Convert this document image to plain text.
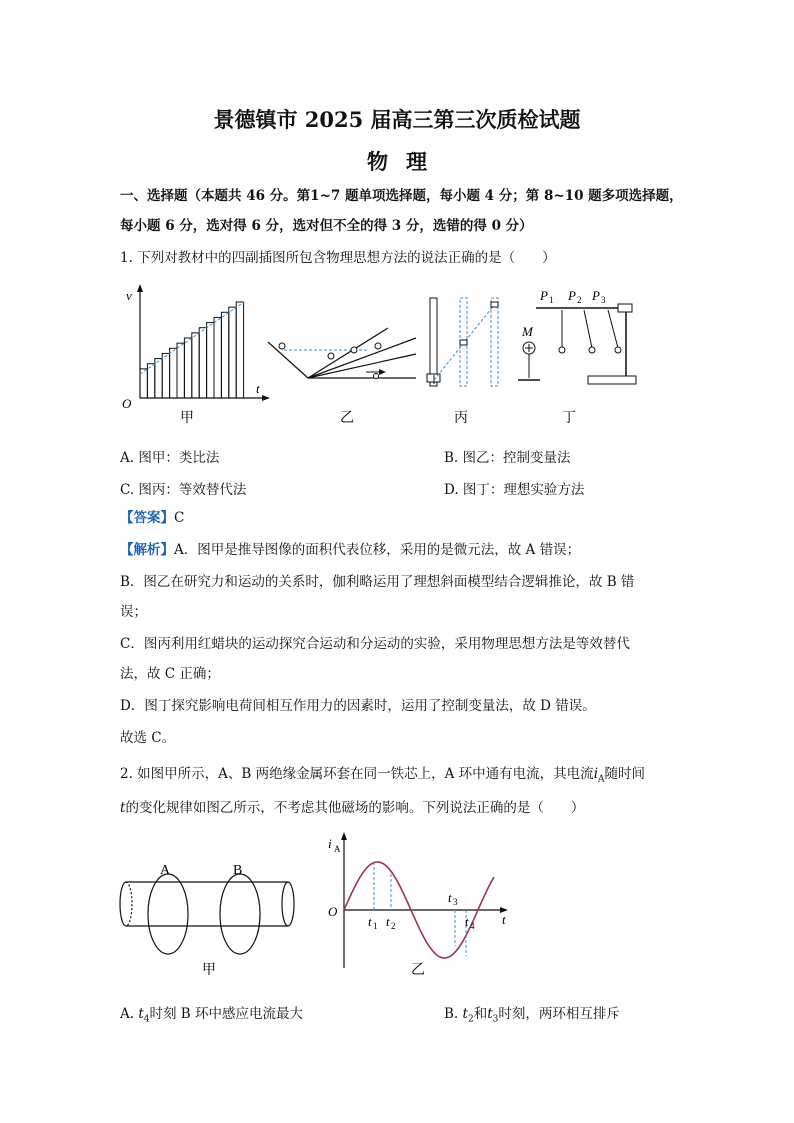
景德镇市 2025 届高三第三次质检试题
物理
一、选择题（本题共 46 分。第1~7 题单项选择题，每小题 4 分；第 8~10 题多项选择题，
每小题 6 分，选对得 6 分，选对但不全的得 3 分，选错的得 0 分）
1. 下列对教材中的四副插图所包含物理思想方法的说法正确的是（　　）
v
t
O
甲	乙	丙
M
P 1 P 2 P 3
丁
A. 图甲：类比法	B. 图乙：控制变量法
C. 图丙：等效替代法	D. 图丁：理想实验方法
【答案】C
【解析】A．图甲是推导图像的面积代表位移，采用的是微元法，故 A 错误；
B．图乙在研究力和运动的关系时，伽利略运用了理想斜面模型结合逻辑推论，故 B 错
误；
C．图丙利用红蜡块的运动探究合运动和分运动的实验，采用物理思想方法是等效替代
法，故 C 正确；
D．图丁探究影响电荷间相互作用力的因素时，运用了控制变量法，故 D 错误。
故选 C。
2. 如图甲所示，A、B 两绝缘金属环套在同一铁芯上，A 环中通有电流，其电流$i_A$随时间
t的变化规律如图乙所示，不考虑其他磁场的影响。下列说法正确的是（　　）
A	B
甲
i A
O
t
t 1 t 2
t 3
t 4
乙
A. $t_4$时刻 B 环中感应电流最大	B. $t_2$和$t_3$时刻，两环相互排斥
